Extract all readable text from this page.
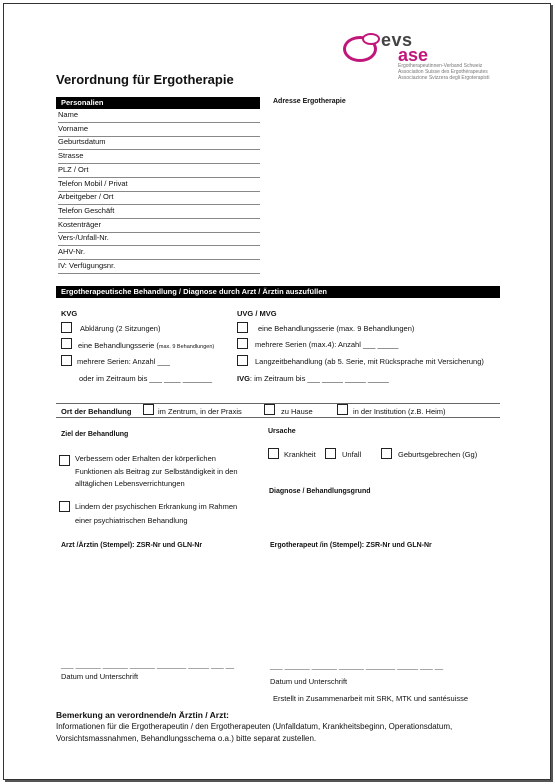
evs
ase
Ergotherapeutinnen-Verband Schweiz
Association Suisse des Ergothérapeutes
Associazione Svizzera degli Ergoterapisti
Verordnung für Ergotherapie
Personalien	Adresse Ergotherapie
Name
Vorname
Geburtsdatum
Strasse
PLZ / Ort
Telefon Mobil / Privat
Arbeitgeber / Ort
Telefon Geschäft
Kostenträger
Vers-/Unfall-Nr.
AHV-Nr.
IV: Verfügungsnr.
Ergotherapeutische Behandlung / Diagnose durch Arzt / Ärztin auszufüllen
KVG
Abklärung (2 Sitzungen)
eine Behandlungsserie (max. 9 Behandlungen)
mehrere Serien: Anzahl ___
oder im Zeitraum bis ___ ____ _______
UVG / MVG
eine Behandlungsserie (max. 9 Behandlungen)
mehrere Serien (max.4): Anzahl ___ _____
Langzeitbehandlung (ab 5. Serie, mit Rücksprache mit Versicherung)
IVG: im Zeitraum bis ___ _____ _____ _____
Ort der Behandlung	im Zentrum, in der Praxis	zu Hause	in der Institution (z.B. Heim)
Ziel der Behandlung
Verbessern oder Erhalten der körperlichen
Funktionen als Beitrag zur Selbständigkeit in den
alltäglichen Lebensverrichtungen
Lindern der psychischen Erkrankung im Rahmen
einer psychiatrischen Behandlung
Ursache
Krankheit	Unfall	Geburtsgebrechen (Gg)
Diagnose / Behandlungsgrund
Arzt /Ärztin (Stempel): ZSR-Nr und GLN-Nr	Ergotherapeut /in (Stempel): ZSR-Nr und GLN-Nr
___ ______ ______ ______ _______ _____ ___ __
Datum und Unterschrift
___ ______ ______ ______ _______ _____ ___ __
Datum und Unterschrift
Erstellt in Zusammenarbeit mit SRK, MTK und santésuisse
Bemerkung an verordnende/n Ärztin / Arzt:
Informationen für die Ergotherapeutin / den Ergotherapeuten (Unfalldatum, Krankheitsbeginn, Operationsdatum,
Vorsichtsmassnahmen, Behandlungsschema o.a.) bitte separat zustellen.
